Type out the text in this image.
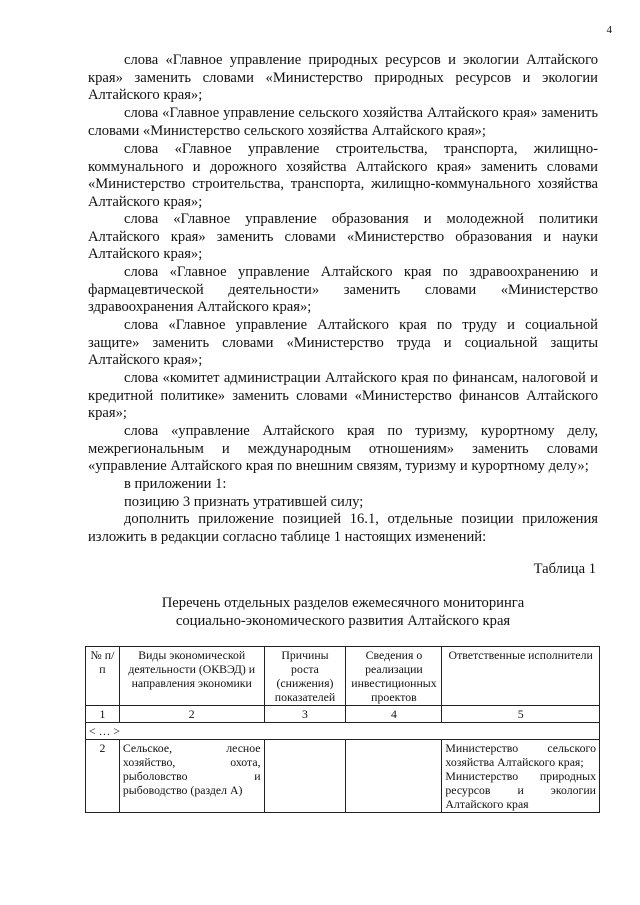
4

слова «Главное управление природных ресурсов и экологии Алтайского края» заменить словами «Министерство природных ресурсов и экологии Алтайского края»;

слова «Главное управление сельского хозяйства Алтайского края» заменить словами «Министерство сельского хозяйства Алтайского края»;

слова «Главное управление строительства, транспорта, жилищно-коммунального и дорожного хозяйства Алтайского края» заменить словами «Министерство строительства, транспорта, жилищно-коммунального хозяйства Алтайского края»;

слова «Главное управление образования и молодежной политики Алтайского края» заменить словами «Министерство образования и науки Алтайского края»;

слова «Главное управление Алтайского края по здравоохранению и фармацевтической деятельности» заменить словами «Министерство здравоохранения Алтайского края»;

слова «Главное управление Алтайского края по труду и социальной защите» заменить словами «Министерство труда и социальной защиты Алтайского края»;

слова «комитет администрации Алтайского края по финансам, налоговой и кредитной политике» заменить словами «Министерство финансов Алтайского края»;

слова «управление Алтайского края по туризму, курортному делу, межрегиональным и международным отношениям» заменить словами «управление Алтайского края по внешним связям, туризму и курортному делу»;

в приложении 1:

позицию 3 признать утратившей силу;

дополнить приложение позицией 16.1, отдельные позиции приложения изложить в редакции согласно таблице 1 настоящих изменений:

Таблица 1
Перечень отдельных разделов ежемесячного мониторинга
социально-экономического развития Алтайского края
№ п/п	Виды экономической деятельности (ОКВЭД) и направления экономики	Причины роста (снижения) показателей	Сведения о реализации инвестиционных проектов	Ответственные исполнители
1	2	3	4	5
< … >				
2	Сельское, лесное хозяйство, охота, рыболовство и рыбоводство (раздел А)			Министерство сельского хозяйства Алтайского края;
Министерство природных ресурсов и экологии Алтайского края
